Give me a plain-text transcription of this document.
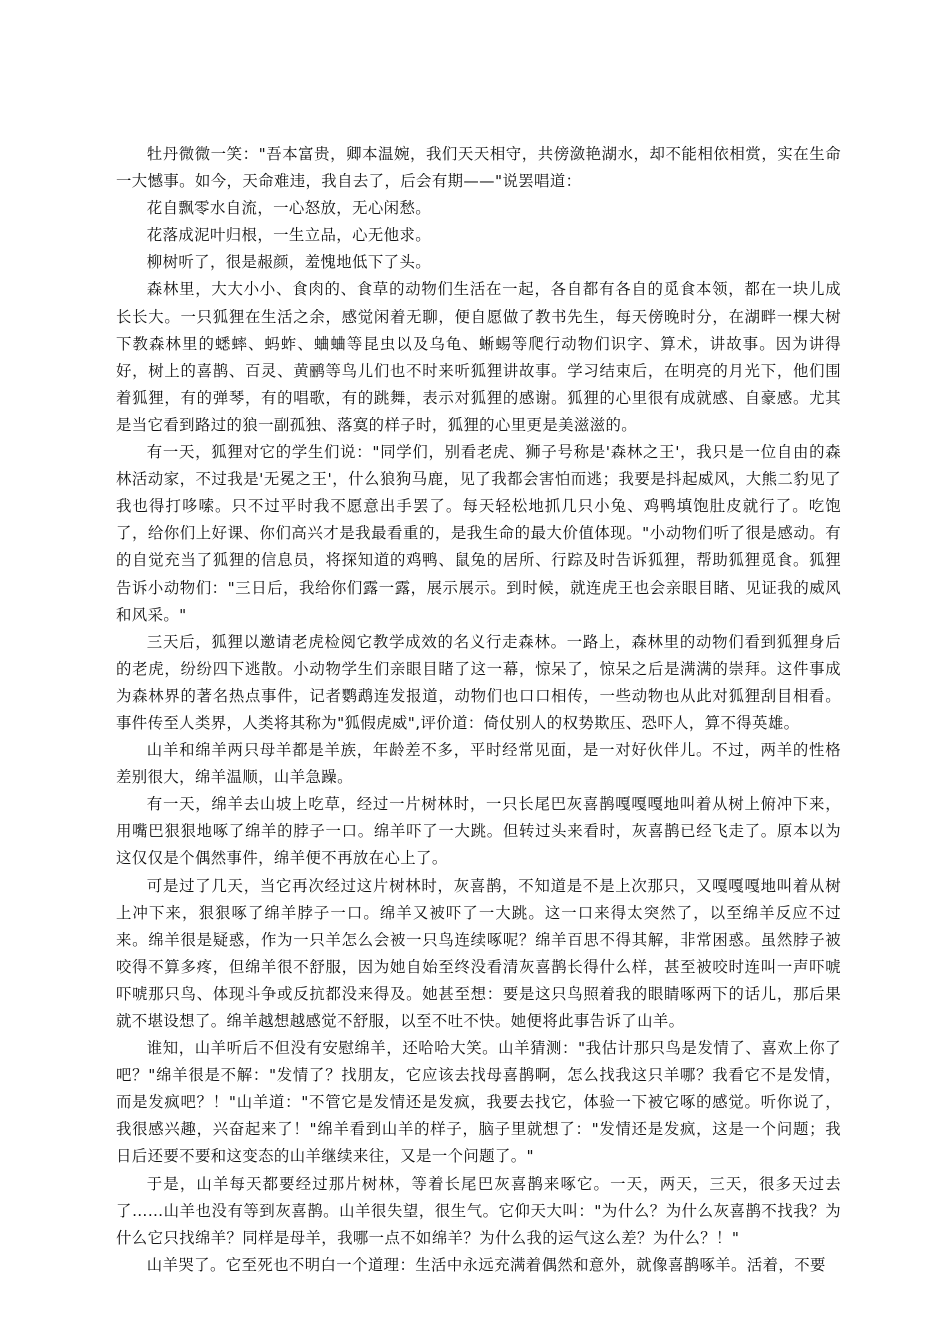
牡丹微微一笑："吾本富贵，卿本温婉，我们天天相守，共傍潋艳湖水，却不能相依相赏，实在生命一大憾事。如今，天命难违，我自去了，后会有期——"说罢唱道：

花自飘零水自流，一心怒放，无心闲愁。

花落成泥叶归根，一生立品，心无他求。

柳树听了，很是赧颜，羞愧地低下了头。

森林里，大大小小、食肉的、食草的动物们生活在一起，各自都有各自的觅食本领，都在一块儿成长长大。一只狐狸在生活之余，感觉闲着无聊，便自愿做了教书先生，每天傍晚时分，在湖畔一棵大树下教森林里的蟋蟀、蚂蚱、蛐蛐等昆虫以及乌龟、蜥蜴等爬行动物们识字、算术，讲故事。因为讲得好，树上的喜鹊、百灵、黄鹂等鸟儿们也不时来听狐狸讲故事。学习结束后，在明亮的月光下，他们围着狐狸，有的弹琴，有的唱歌，有的跳舞，表示对狐狸的感谢。狐狸的心里很有成就感、自豪感。尤其是当它看到路过的狼一副孤独、落寞的样子时，狐狸的心里更是美滋滋的。

有一天，狐狸对它的学生们说："同学们，别看老虎、狮子号称是'森林之王'，我只是一位自由的森林活动家，不过我是'无冕之王'，什么狼狗马鹿，见了我都会害怕而逃；我要是抖起威风，大熊二豹见了我也得打哆嗦。只不过平时我不愿意出手罢了。每天轻松地抓几只小兔、鸡鸭填饱肚皮就行了。吃饱了，给你们上好课、你们高兴才是我最看重的，是我生命的最大价值体现。"小动物们听了很是感动。有的自觉充当了狐狸的信息员，将探知道的鸡鸭、鼠兔的居所、行踪及时告诉狐狸，帮助狐狸觅食。狐狸告诉小动物们："三日后，我给你们露一露，展示展示。到时候，就连虎王也会亲眼目睹、见证我的威风和风采。"

三天后，狐狸以邀请老虎检阅它教学成效的名义行走森林。一路上，森林里的动物们看到狐狸身后的老虎，纷纷四下逃散。小动物学生们亲眼目睹了这一幕，惊呆了，惊呆之后是满满的崇拜。这件事成为森林界的著名热点事件，记者鹦鹉连发报道，动物们也口口相传，一些动物也从此对狐狸刮目相看。事件传至人类界，人类将其称为"狐假虎威",评价道：倚仗别人的权势欺压、恐吓人，算不得英雄。

山羊和绵羊两只母羊都是羊族，年龄差不多，平时经常见面，是一对好伙伴儿。不过，两羊的性格差别很大，绵羊温顺，山羊急躁。

有一天，绵羊去山坡上吃草，经过一片树林时，一只长尾巴灰喜鹊嘎嘎嘎地叫着从树上俯冲下来，用嘴巴狠狠地啄了绵羊的脖子一口。绵羊吓了一大跳。但转过头来看时，灰喜鹊已经飞走了。原本以为这仅仅是个偶然事件，绵羊便不再放在心上了。

可是过了几天，当它再次经过这片树林时，灰喜鹊，不知道是不是上次那只，又嘎嘎嘎地叫着从树上冲下来，狠狠啄了绵羊脖子一口。绵羊又被吓了一大跳。这一口来得太突然了，以至绵羊反应不过来。绵羊很是疑惑，作为一只羊怎么会被一只鸟连续啄呢？绵羊百思不得其解，非常困惑。虽然脖子被咬得不算多疼，但绵羊很不舒服，因为她自始至终没看清灰喜鹊长得什么样，甚至被咬时连叫一声吓唬吓唬那只鸟、体现斗争或反抗都没来得及。她甚至想：要是这只鸟照着我的眼睛啄两下的话儿，那后果就不堪设想了。绵羊越想越感觉不舒服，以至不吐不快。她便将此事告诉了山羊。

谁知，山羊听后不但没有安慰绵羊，还哈哈大笑。山羊猜测："我估计那只鸟是发情了、喜欢上你了吧？"绵羊很是不解："发情了？找朋友，它应该去找母喜鹊啊，怎么找我这只羊哪？我看它不是发情，而是发疯吧？！"山羊道："不管它是发情还是发疯，我要去找它，体验一下被它啄的感觉。听你说了，我很感兴趣，兴奋起来了！"绵羊看到山羊的样子，脑子里就想了："发情还是发疯，这是一个问题；我日后还要不要和这变态的山羊继续来往，又是一个问题了。"

于是，山羊每天都要经过那片树林，等着长尾巴灰喜鹊来啄它。一天，两天，三天，很多天过去了……山羊也没有等到灰喜鹊。山羊很失望，很生气。它仰天大叫："为什么？为什么灰喜鹊不找我？为什么它只找绵羊？同样是母羊，我哪一点不如绵羊？为什么我的运气这么差？为什么？！"

山羊哭了。它至死也不明白一个道理：生活中永远充满着偶然和意外，就像喜鹊啄羊。活着，不要
